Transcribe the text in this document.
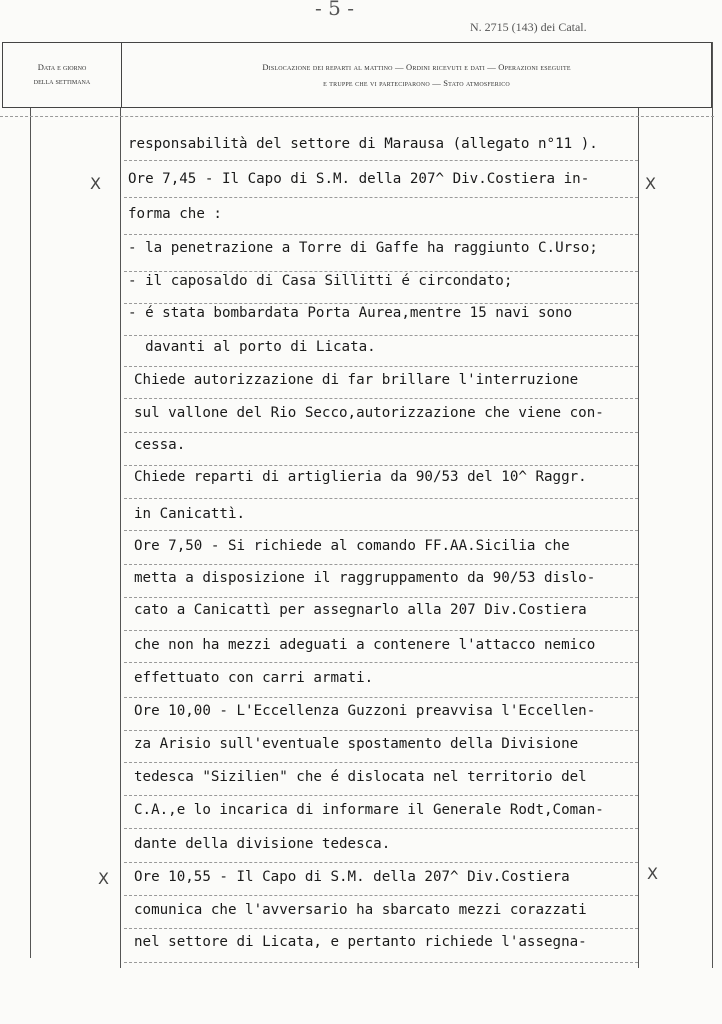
- 5 -
N. 2715 (143) dei Catal.
Data e giorno
della settimana
Dislocazione dei reparti al mattino — Ordini ricevuti e dati — Operazioni eseguite
e truppe che vi parteciparono — Stato atmosferico
X	X
X	X
responsabilità del settore di Marausa (allegato n°11 ).
Ore 7,45 - Il Capo di S.M. della 207^ Div.Costiera in-
forma che :
- la penetrazione a Torre di Gaffe ha raggiunto C.Urso;
- il caposaldo di Casa Sillitti é circondato;
- é stata bombardata Porta Aurea,mentre 15 navi sono
davanti al porto di Licata.
Chiede autorizzazione di far brillare l'interruzione
sul vallone del Rio Secco,autorizzazione che viene con-
cessa.
Chiede reparti di artiglieria da 90/53 del 10^ Raggr.
in Canicattì.
Ore 7,50 - Si richiede al comando FF.AA.Sicilia che
metta a disposizione il raggruppamento da 90/53 dislo-
cato a Canicattì per assegnarlo alla 207 Div.Costiera
che non ha mezzi adeguati a contenere l'attacco nemico
effettuato con carri armati.
Ore 10,00 - L'Eccellenza Guzzoni preavvisa l'Eccellen-
za Arisio sull'eventuale spostamento della Divisione
tedesca "Sizilien" che é dislocata nel territorio del
C.A.,e lo incarica di informare il Generale Rodt,Coman-
dante della divisione tedesca.
Ore 10,55 - Il Capo di S.M. della 207^ Div.Costiera
comunica che l'avversario ha sbarcato mezzi corazzati
nel settore di Licata, e pertanto richiede l'assegna-
